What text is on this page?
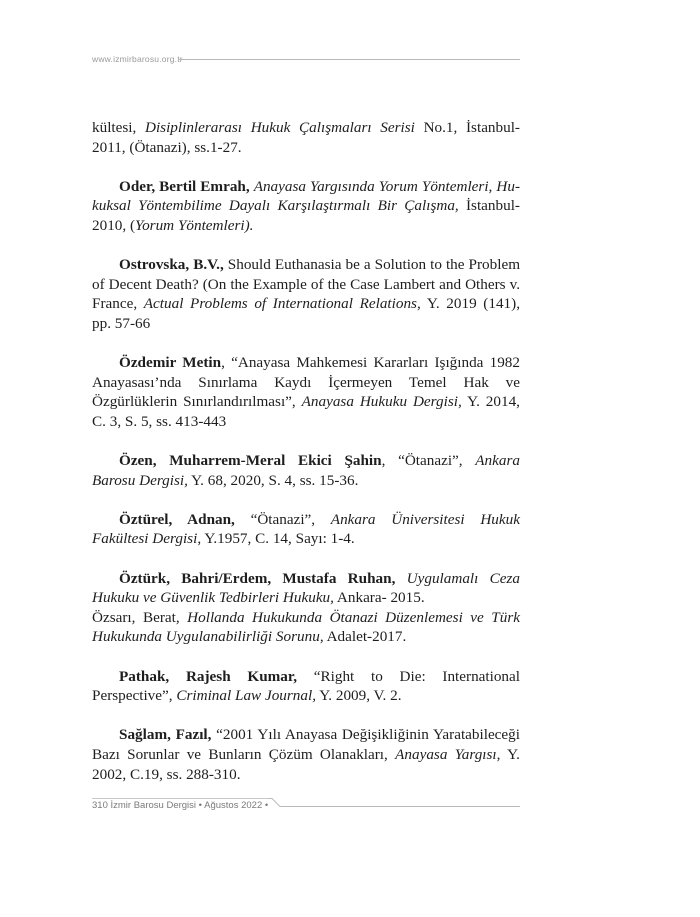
www.izmirbarosu.org.tr

kültesi, Disiplinlerarası Hukuk Çalışmaları Serisi No.1, İstanbul-2011, (Ötanazi), ss.1-27.

Oder, Bertil Emrah, Anayasa Yargısında Yorum Yöntemleri, Hukuksal Yöntembilime Dayalı Karşılaştırmalı Bir Çalışma, İstanbul-2010, (Yorum Yöntemleri).

Ostrovska, B.V., Should Euthanasia be a Solution to the Problem of Decent Death? (On the Example of the Case Lambert and Others v. France, Actual Problems of International Relations, Y. 2019 (141), pp. 57-66

Özdemir Metin, “Anayasa Mahkemesi Kararları Işığında 1982 Anayasası’nda Sınırlama Kaydı İçermeyen Temel Hak ve Özgürlüklerin Sınırlandırılması”, Anayasa Hukuku Dergisi, Y. 2014, C. 3, S. 5, ss. 413-443

Özen, Muharrem-Meral Ekici Şahin, “Ötanazi”, Ankara Barosu Dergisi, Y. 68, 2020, S. 4, ss. 15-36.

Öztürel, Adnan, “Ötanazi”, Ankara Üniversitesi Hukuk Fakültesi Dergisi, Y.1957, C. 14, Sayı: 1-4.

Öztürk, Bahri/Erdem, Mustafa Ruhan, Uygulamalı Ceza Hukuku ve Güvenlik Tedbirleri Hukuku, Ankara- 2015.

Özsarı, Berat, Hollanda Hukukunda Ötanazi Düzenlemesi ve Türk Hukukunda Uygulanabilirliği Sorunu, Adalet-2017.

Pathak, Rajesh Kumar, “Right to Die: International Perspective”, Criminal Law Journal, Y. 2009, V. 2.

Sağlam, Fazıl, “2001 Yılı Anayasa Değişikliğinin Yaratabileceği Bazı Sorunlar ve Bunların Çözüm Olanakları, Anayasa Yargısı, Y. 2002, C.19, ss. 288-310.

310 İzmir Barosu Dergisi • Ağustos 2022 •
